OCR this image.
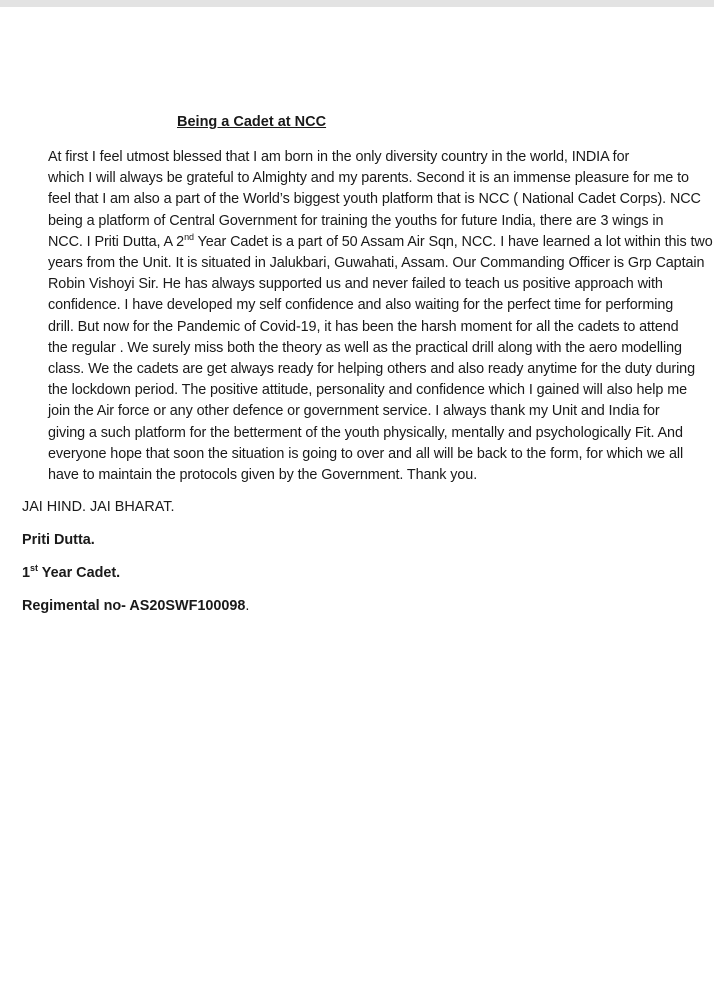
Being a Cadet at NCC

At first I feel utmost blessed that I am born in the only diversity country in the world, INDIA for
which I will always be grateful to Almighty and my parents. Second it is an immense pleasure for me to
feel that I am also a part of the World’s biggest youth platform that is NCC ( National Cadet Corps). NCC
being a platform of Central Government for training the youths for future India, there are 3 wings in
NCC. I Priti Dutta, A 2nd Year Cadet is a part of 50 Assam Air Sqn, NCC. I have learned a lot within this two
years from the Unit. It is situated in Jalukbari, Guwahati, Assam. Our Commanding Officer is Grp Captain
Robin Vishoyi Sir. He has always supported us and never failed to teach us positive approach with
confidence. I have developed my self confidence and also waiting for the perfect time for performing
drill. But now for the Pandemic of Covid-19, it has been the harsh moment for all the cadets to attend
the regular . We surely miss both the theory as well as the practical drill along with the aero modelling
class. We the cadets are get always ready for helping others and also ready anytime for the duty during
the lockdown period. The positive attitude, personality and confidence which I gained will also help me
join the Air force or any other defence or government service. I always thank my Unit and India for
giving a such platform for the betterment of the youth physically, mentally and psychologically Fit. And
everyone hope that soon the situation is going to over and all will be back to the form, for which we all
have to maintain the protocols given by the Government. Thank you.

JAI HIND. JAI BHARAT.

Priti Dutta.

1st Year Cadet.

Regimental no- AS20SWF100098.
